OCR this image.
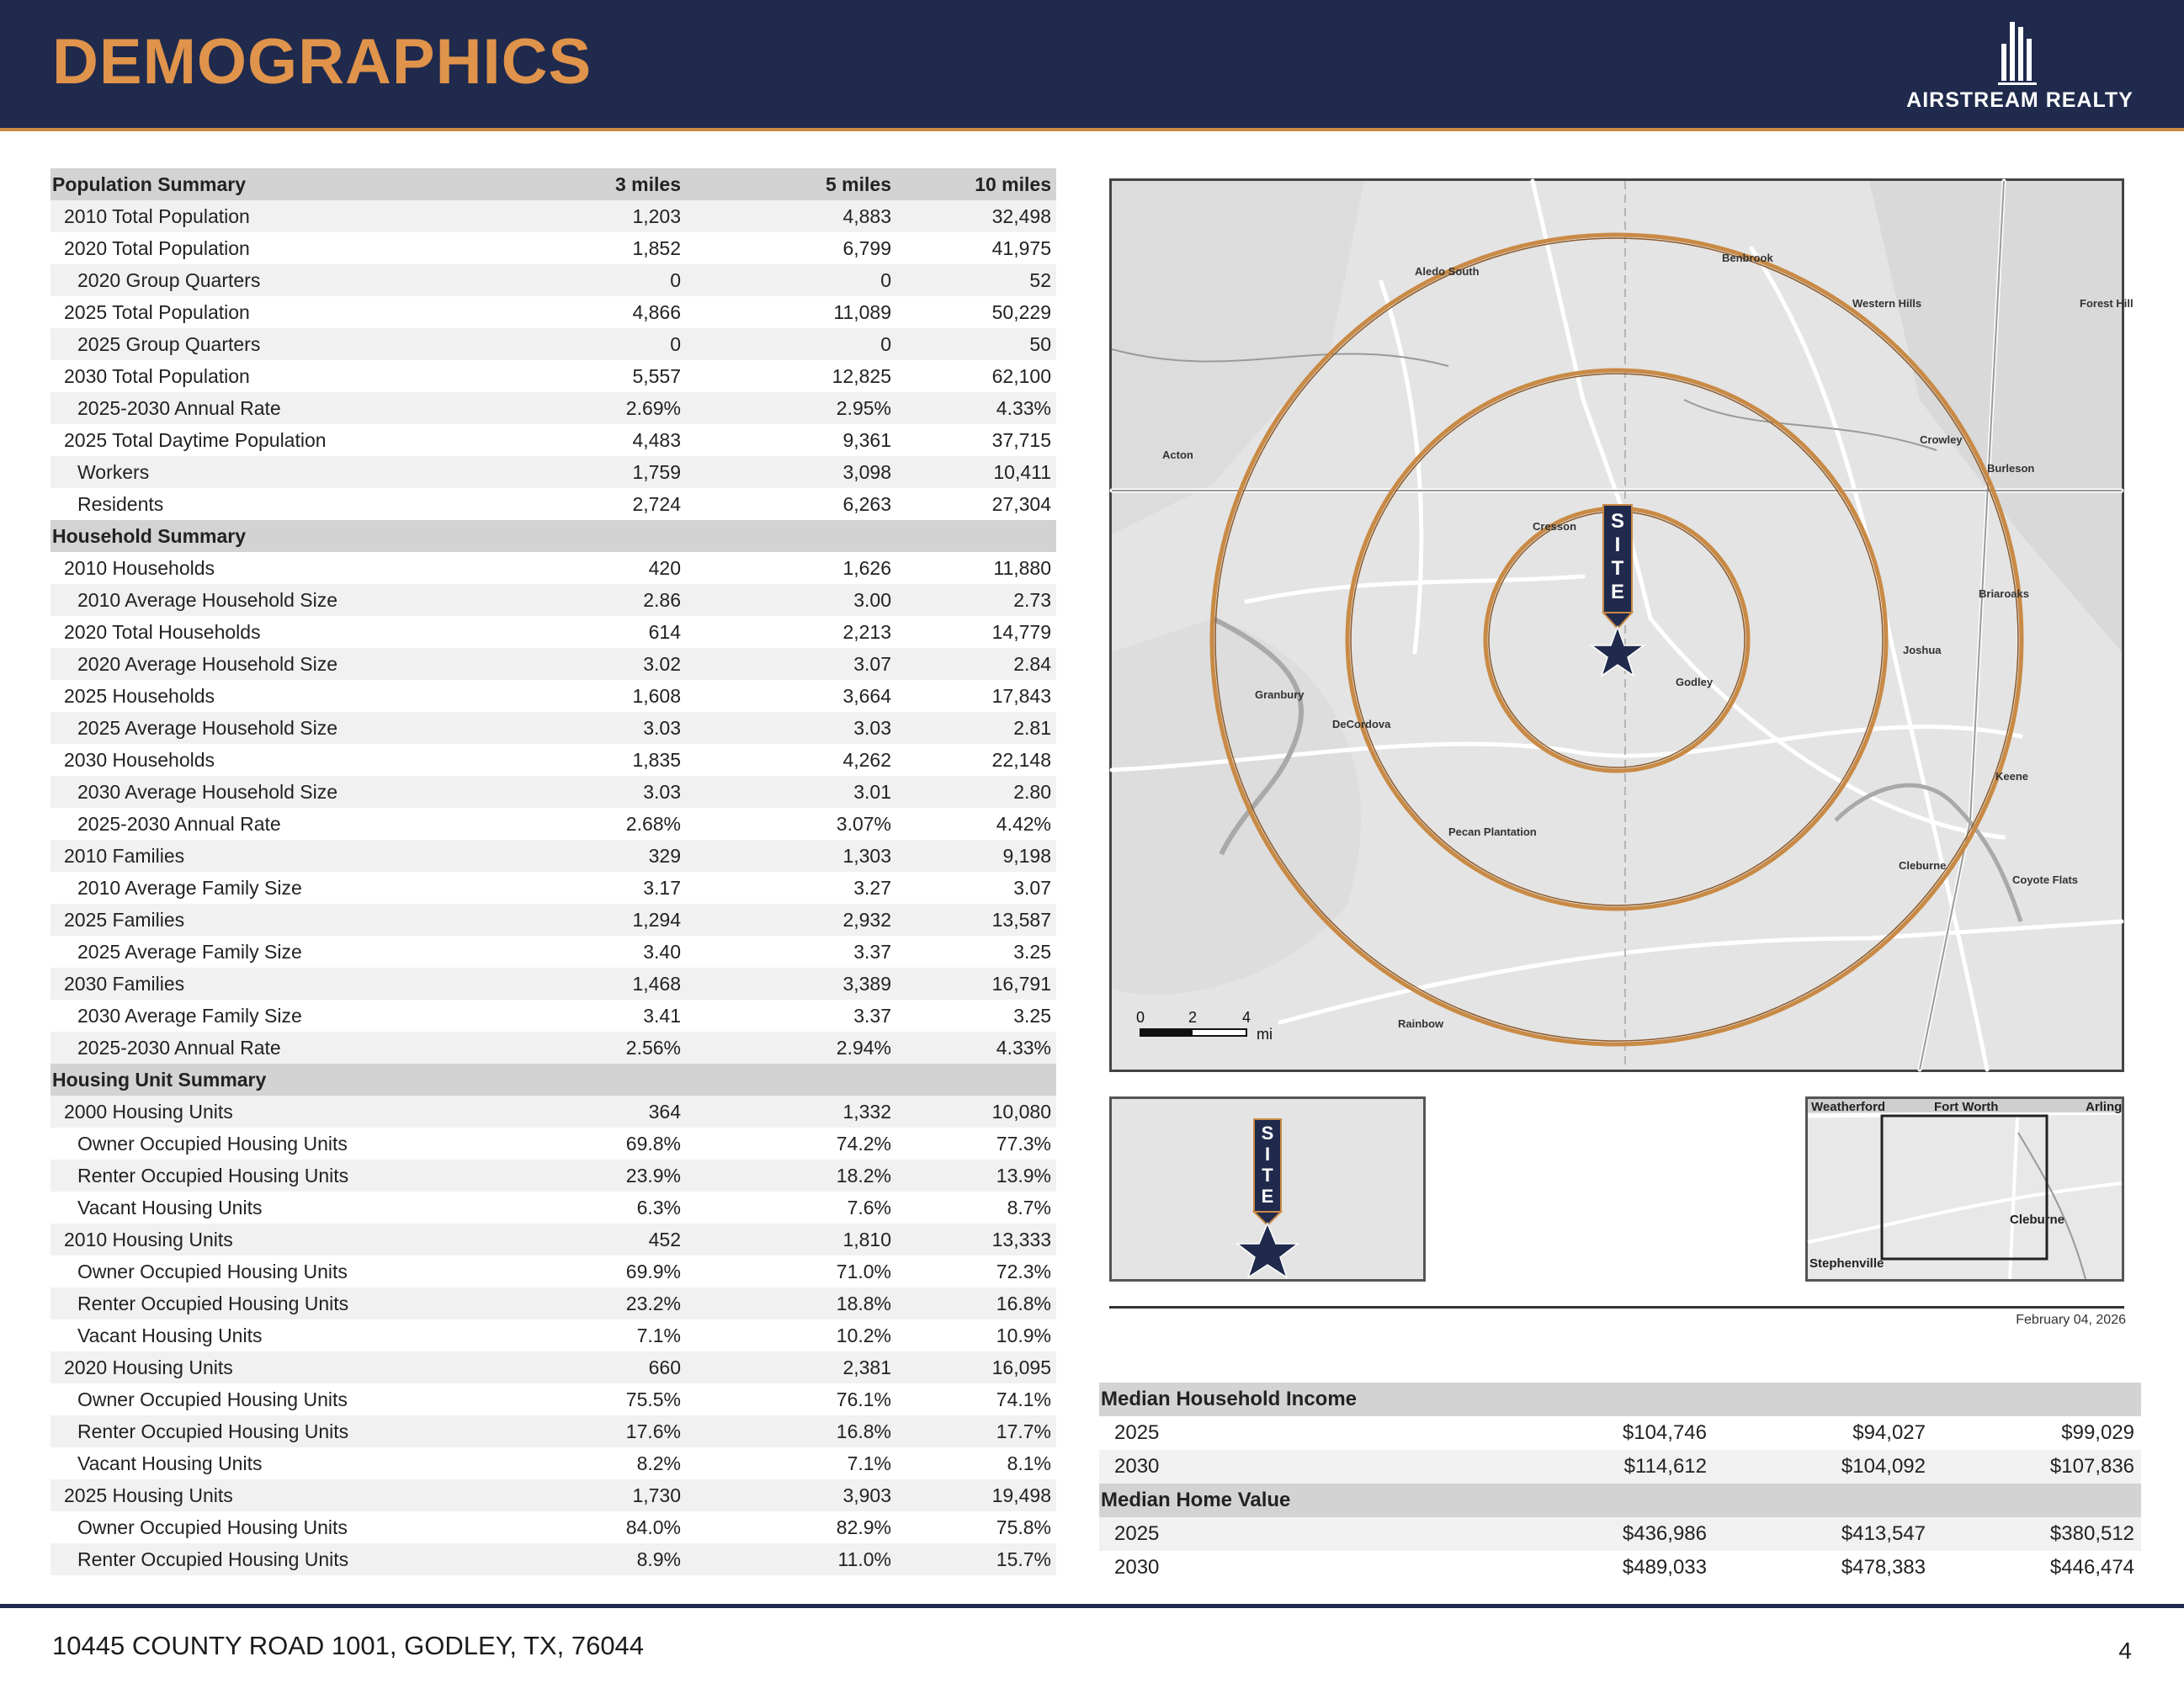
DEMOGRAPHICS
AIRSTREAM REALTY
Population Summary	3 miles	5 miles	10 miles
2010 Total Population	1,203	4,883	32,498
2020 Total Population	1,852	6,799	41,975
2020 Group Quarters	0	0	52
2025 Total Population	4,866	11,089	50,229
2025 Group Quarters	0	0	50
2030 Total Population	5,557	12,825	62,100
2025-2030 Annual Rate	2.69%	2.95%	4.33%
2025 Total Daytime Population	4,483	9,361	37,715
Workers	1,759	3,098	10,411
Residents	2,724	6,263	27,304
Household Summary			
2010 Households	420	1,626	11,880
2010 Average Household Size	2.86	3.00	2.73
2020 Total Households	614	2,213	14,779
2020 Average Household Size	3.02	3.07	2.84
2025 Households	1,608	3,664	17,843
2025 Average Household Size	3.03	3.03	2.81
2030 Households	1,835	4,262	22,148
2030 Average Household Size	3.03	3.01	2.80
2025-2030 Annual Rate	2.68%	3.07%	4.42%
2010 Families	329	1,303	9,198
2010 Average Family Size	3.17	3.27	3.07
2025 Families	1,294	2,932	13,587
2025 Average Family Size	3.40	3.37	3.25
2030 Families	1,468	3,389	16,791
2030 Average Family Size	3.41	3.37	3.25
2025-2030 Annual Rate	2.56%	2.94%	4.33%
Housing Unit Summary			
2000 Housing Units	364	1,332	10,080
Owner Occupied Housing Units	69.8%	74.2%	77.3%
Renter Occupied Housing Units	23.9%	18.2%	13.9%
Vacant Housing Units	6.3%	7.6%	8.7%
2010 Housing Units	452	1,810	13,333
Owner Occupied Housing Units	69.9%	71.0%	72.3%
Renter Occupied Housing Units	23.2%	18.8%	16.8%
Vacant Housing Units	7.1%	10.2%	10.9%
2020 Housing Units	660	2,381	16,095
Owner Occupied Housing Units	75.5%	76.1%	74.1%
Renter Occupied Housing Units	17.6%	16.8%	17.7%
Vacant Housing Units	8.2%	7.1%	8.1%
2025 Housing Units	1,730	3,903	19,498
Owner Occupied Housing Units	84.0%	82.9%	75.8%
Renter Occupied Housing Units	8.9%	11.0%	15.7%
S
I
T
E
Western Hills
Benbrook
Aledo South
Cresson
Godley
Granbury
DeCordova
Pecan Plantation
Crowley
Burleson
Briaroaks
Joshua
Keene
Cleburne
Coyote Flats
Rainbow
Forest Hill
Acton
0	2	4
mi
S
I
T
E
Weatherford	Fort Worth	Arling
Cleburne
Stephenville
February 04, 2026
Median Household Income			
2025	$104,746	$94,027	$99,029
2030	$114,612	$104,092	$107,836
Median Home Value			
2025	$436,986	$413,547	$380,512
2030	$489,033	$478,383	$446,474
10445 COUNTY ROAD 1001, GODLEY, TX, 76044	4
